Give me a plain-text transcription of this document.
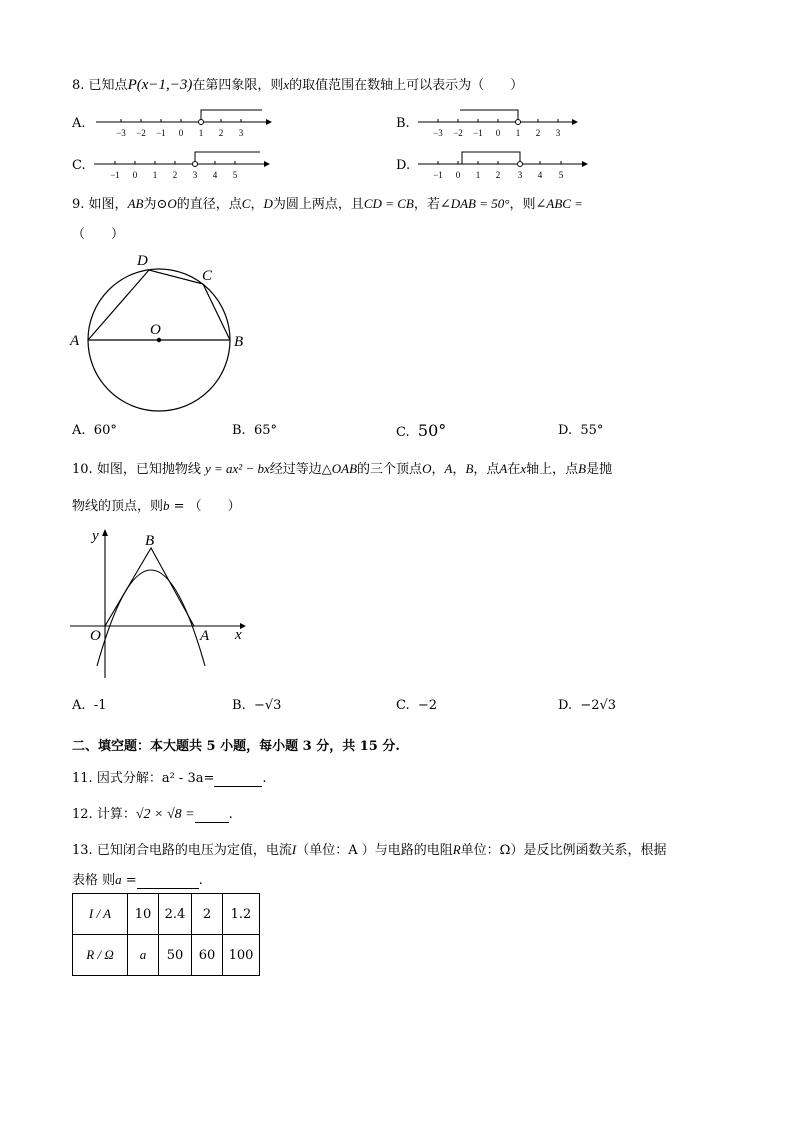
8. 已知点P(x−1,−3)在第四象限，则x的取值范围在数轴上可以表示为（　　）
A.	B.
C.	D.
−3 −2 −1 0 1 2 3	−3 −2 −1 0 1 2 3
−1 0 1 2 3 4 5	−1 0 1 2 3 4 5
9. 如图，AB为⊙O的直径，点C，D为圆上两点，且CD = CB，若∠DAB = 50°，则∠ABC =
（　　）
A	B
C
D
O
A. 60°	B. 65°	C. 50°	D. 55°
10. 如图，已知抛物线 y = ax² − bx经过等边△OAB的三个顶点O，A，B，点A在x轴上，点B是抛
物线的顶点，则b = （　　）
y
x
O	A
B
A. -1	B. −√3	C. −2	D. −2√3
二、填空题：本大题共 5 小题，每小题 3 分，共 15 分.
11. 因式分解：a² - 3a=	.
12. 计算：√2 × √8 =	.
13. 已知闭合电路的电压为定值，电流I（单位：A ）与电路的电阻R单位：Ω）是反比例函数关系，根据
表格 则a =	.
I / A	10	2.4	2	1.2
R / Ω	a	50	60	100
